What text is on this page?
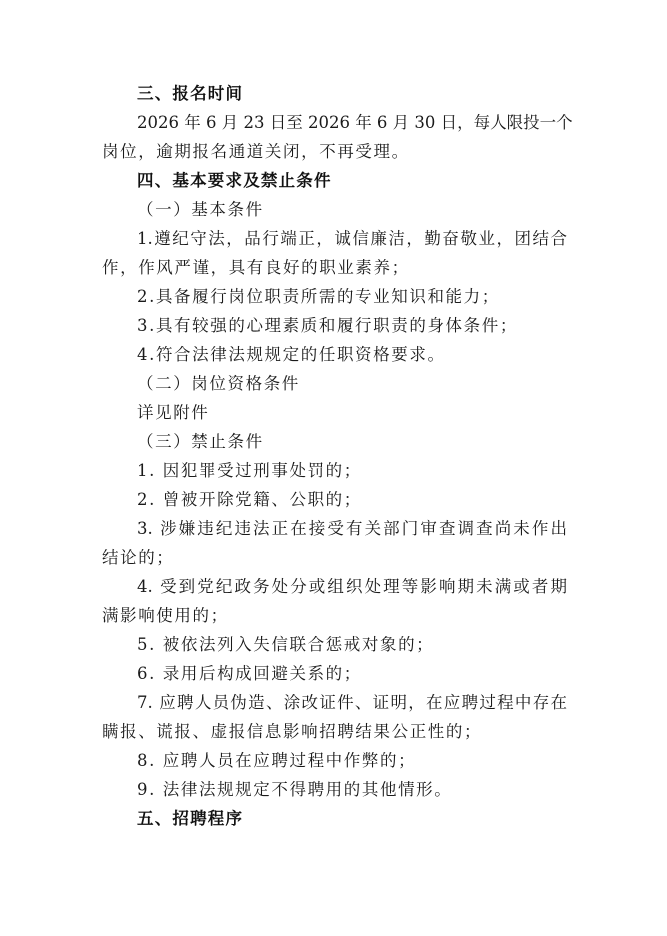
三、报名时间
2026 年 6 月 23 日至 2026 年 6 月 30 日，每人限投一个
岗位，逾期报名通道关闭，不再受理。
四、基本要求及禁止条件
（一）基本条件
1.遵纪守法，品行端正，诚信廉洁，勤奋敬业，团结合
作，作风严谨，具有良好的职业素养；
2.具备履行岗位职责所需的专业知识和能力；
3.具有较强的心理素质和履行职责的身体条件；
4.符合法律法规规定的任职资格要求。
（二）岗位资格条件
详见附件
（三）禁止条件
1. 因犯罪受过刑事处罚的；
2. 曾被开除党籍、公职的；
3. 涉嫌违纪违法正在接受有关部门审查调查尚未作出
结论的；
4. 受到党纪政务处分或组织处理等影响期未满或者期
满影响使用的；
5. 被依法列入失信联合惩戒对象的；
6. 录用后构成回避关系的；
7. 应聘人员伪造、涂改证件、证明，在应聘过程中存在
瞒报、谎报、虚报信息影响招聘结果公正性的；
8. 应聘人员在应聘过程中作弊的；
9. 法律法规规定不得聘用的其他情形。
五、招聘程序
